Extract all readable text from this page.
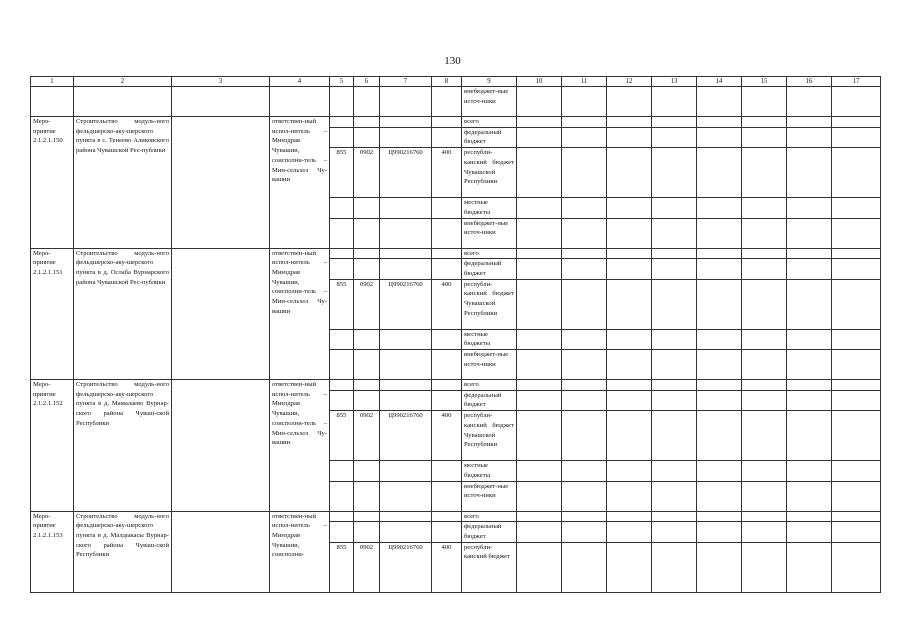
130
1	2	3	4	5	6	7	8	9	10	11	12	13	14	15	16	17
								внебюджет-ные источ-ники								
Меро-приятие 2.1.2.1.150	Строительство модуль-ного фельдшерско-аку-шерского пункта в с. Тенеево Аликовского района Чувашской Рес-публики		ответствен-ный испол-нитель – Минздрав Чувашии, соисполни-тель – Мин-сельхоз Чу-вашии					всего								
								федеральный бюджет								
				855	0902	Ц990216760	400	республи-канский бюджет Чувашской Республики								
								местные бюджеты								
								внебюджет-ные источ-ники								
Меро-приятие 2.1.2.1.151	Строительство модуль-ного фельдшерско-аку-шерского пункта в д. Ослаба Вурнарского района Чувашской Рес-публики		ответствен-ный испол-нитель – Минздрав Чувашии, соисполни-тель – Мин-сельхоз Чу-вашии					всего								
								федеральный бюджет								
				855	0902	Ц990216760	400	республи-канский бюджет Чувашской Республики								
								местные бюджеты								
								внебюджет-ные источ-ники								
Меро-приятие 2.1.2.1.152	Строительство модуль-ного фельдшерско-аку-шерского пункта в д. Мамалаево Вурнар-ского района Чуваш-ской Республики		ответствен-ный испол-нитель – Минздрав Чувашии, соисполни-тель – Мин-сельхоз Чу-вашии					всего								
								федеральный бюджет								
				855	0902	Ц990216760	400	республи-канский бюджет Чувашской Республики								
								местные бюджеты								
								внебюджет-ные источ-ники								
Меро-приятие 2.1.2.1.153	Строительство модуль-ного фельдшерско-аку-шерского пункта в д. Малдыкасы Вурнар-ского района Чуваш-ской Республики		ответствен-ный испол-нитель – Минздрав Чувашии, соисполни-					всего								
								федеральный бюджет								
				855	0902	Ц990216760	400	республи-канский бюджет								
